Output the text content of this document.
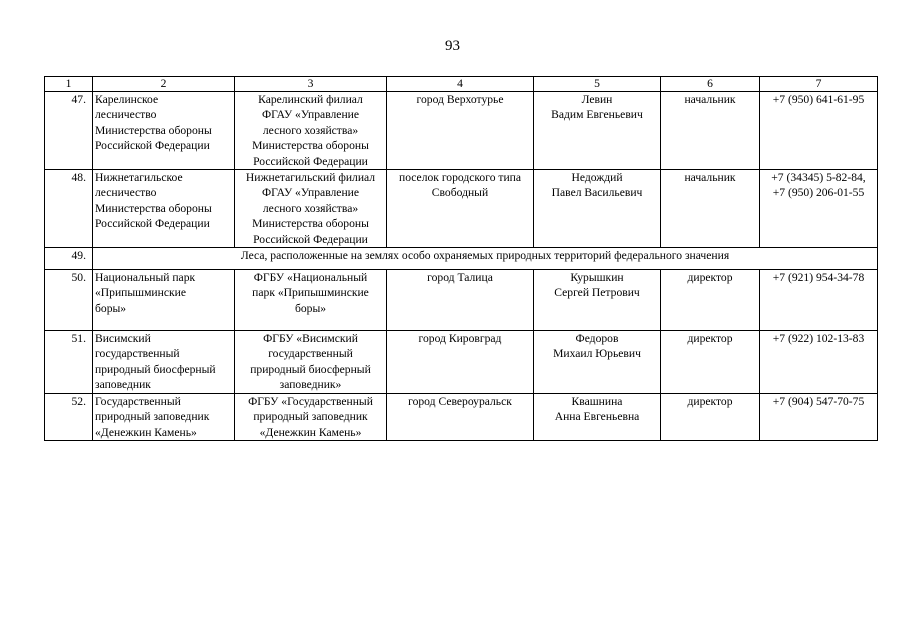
93
1	2	3	4	5	6	7
47.	Карелинское
лесничество
Министерства обороны
Российской Федерации	Карелинский филиал
ФГАУ «Управление
лесного хозяйства»
Министерства обороны
Российской Федерации	город Верхотурье	Левин
Вадим Евгеньевич	начальник	+7 (950) 641-61-95
48.	Нижнетагильское
лесничество
Министерства обороны
Российской Федерации	Нижнетагильский филиал
ФГАУ «Управление
лесного хозяйства»
Министерства обороны
Российской Федерации	поселок городского типа
Свободный	Недождий
Павел Васильевич	начальник	+7 (34345) 5-82-84,
+7 (950) 206-01-55
49.	Леса, расположенные на землях особо охраняемых природных территорий федерального значения					
50.	Национальный парк
«Припышминские
боры»	ФГБУ «Национальный
парк «Припышминские
боры»	город Талица	Курышкин
Сергей Петрович	директор	+7 (921) 954-34-78
51.	Висимский
государственный
природный биосферный
заповедник	ФГБУ «Висимский
государственный
природный биосферный
заповедник»	город Кировград	Федоров
Михаил Юрьевич	директор	+7 (922) 102-13-83
52.	Государственный
природный заповедник
«Денежкин Камень»	ФГБУ «Государственный
природный заповедник
«Денежкин Камень»	город Североуральск	Квашнина
Анна Евгеньевна	директор	+7 (904) 547-70-75
